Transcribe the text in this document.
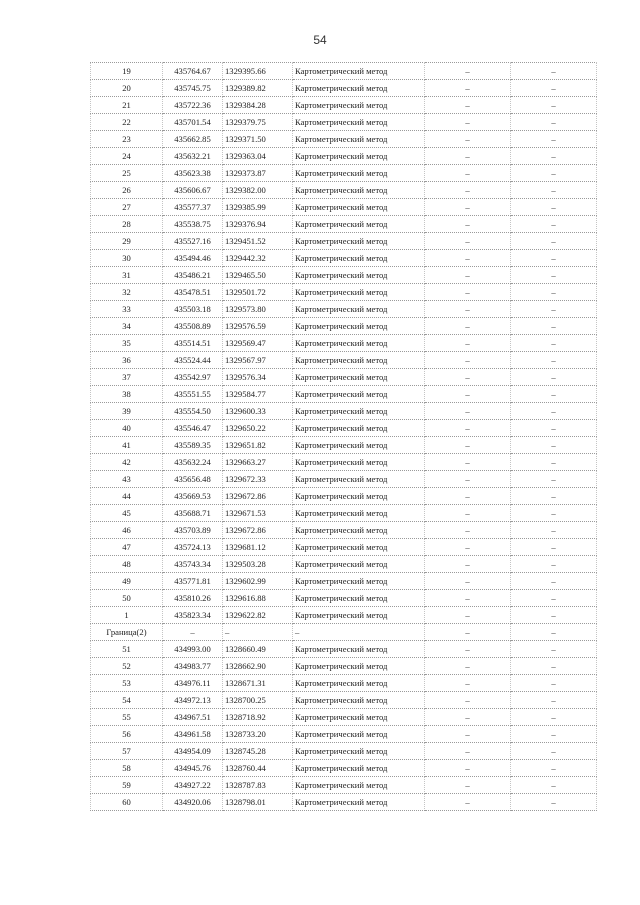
54
19	435764.67	1329395.66	Картометрический метод	–	–
20	435745.75	1329389.82	Картометрический метод	–	–
21	435722.36	1329384.28	Картометрический метод	–	–
22	435701.54	1329379.75	Картометрический метод	–	–
23	435662.85	1329371.50	Картометрический метод	–	–
24	435632.21	1329363.04	Картометрический метод	–	–
25	435623.38	1329373.87	Картометрический метод	–	–
26	435606.67	1329382.00	Картометрический метод	–	–
27	435577.37	1329385.99	Картометрический метод	–	–
28	435538.75	1329376.94	Картометрический метод	–	–
29	435527.16	1329451.52	Картометрический метод	–	–
30	435494.46	1329442.32	Картометрический метод	–	–
31	435486.21	1329465.50	Картометрический метод	–	–
32	435478.51	1329501.72	Картометрический метод	–	–
33	435503.18	1329573.80	Картометрический метод	–	–
34	435508.89	1329576.59	Картометрический метод	–	–
35	435514.51	1329569.47	Картометрический метод	–	–
36	435524.44	1329567.97	Картометрический метод	–	–
37	435542.97	1329576.34	Картометрический метод	–	–
38	435551.55	1329584.77	Картометрический метод	–	–
39	435554.50	1329600.33	Картометрический метод	–	–
40	435546.47	1329650.22	Картометрический метод	–	–
41	435589.35	1329651.82	Картометрический метод	–	–
42	435632.24	1329663.27	Картометрический метод	–	–
43	435656.48	1329672.33	Картометрический метод	–	–
44	435669.53	1329672.86	Картометрический метод	–	–
45	435688.71	1329671.53	Картометрический метод	–	–
46	435703.89	1329672.86	Картометрический метод	–	–
47	435724.13	1329681.12	Картометрический метод	–	–
48	435743.34	1329503.28	Картометрический метод	–	–
49	435771.81	1329602.99	Картометрический метод	–	–
50	435810.26	1329616.88	Картометрический метод	–	–
1	435823.34	1329622.82	Картометрический метод	–	–
Граница(2)	–	–	–	–	–
51	434993.00	1328660.49	Картометрический метод	–	–
52	434983.77	1328662.90	Картометрический метод	–	–
53	434976.11	1328671.31	Картометрический метод	–	–
54	434972.13	1328700.25	Картометрический метод	–	–
55	434967.51	1328718.92	Картометрический метод	–	–
56	434961.58	1328733.20	Картометрический метод	–	–
57	434954.09	1328745.28	Картометрический метод	–	–
58	434945.76	1328760.44	Картометрический метод	–	–
59	434927.22	1328787.83	Картометрический метод	–	–
60	434920.06	1328798.01	Картометрический метод	–	–
